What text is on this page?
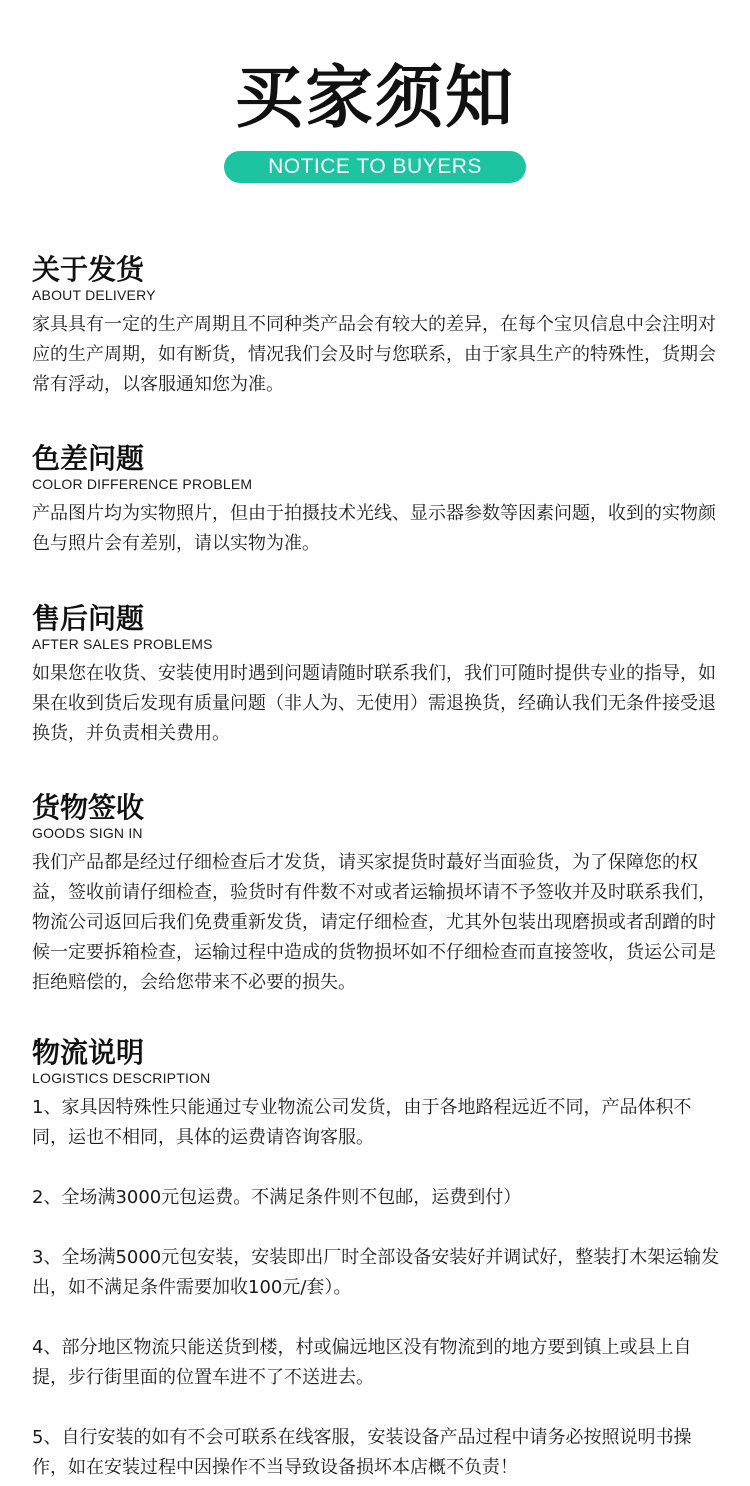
买家须知
NOTICE TO BUYERS
关于发货
ABOUT DELIVERY

家具具有一定的生产周期且不同种类产品会有较大的差异，在每个宝贝信息中会注明对应的生产周期，如有断货，情况我们会及时与您联系，由于家具生产的特殊性，货期会常有浮动，以客服通知您为准。

色差问题
COLOR DIFFERENCE PROBLEM

产品图片均为实物照片，但由于拍摄技术光线、显示器参数等因素问题，收到的实物颜色与照片会有差别，请以实物为准。

售后问题
AFTER SALES PROBLEMS

如果您在收货、安装使用时遇到问题请随时联系我们，我们可随时提供专业的指导，如果在收到货后发现有质量问题（非人为、无使用）需退换货，经确认我们无条件接受退换货，并负责相关费用。

货物签收
GOODS SIGN IN

我们产品都是经过仔细检查后才发货，请买家提货时蕞好当面验货，为了保障您的权益，签收前请仔细检查，验货时有件数不对或者运输损坏请不予签收并及时联系我们，物流公司返回后我们免费重新发货，请定仔细检查，尤其外包装出现磨损或者刮蹭的时候一定要拆箱检查，运输过程中造成的货物损坏如不仔细检查而直接签收，货运公司是拒绝赔偿的，会给您带来不必要的损失。

物流说明
LOGISTICS DESCRIPTION

1、家具因特殊性只能通过专业物流公司发货，由于各地路程远近不同，产品体积不同，运也不相同，具体的运费请咨询客服。

2、全场满3000元包运费。不满足条件则不包邮，运费到付）

3、全场满5000元包安装，安装即出厂时全部设备安装好并调试好，整装打木架运输发出，如不满足条件需要加收100元/套）。

4、部分地区物流只能送货到楼，村或偏远地区没有物流到的地方要到镇上或县上自提，步行街里面的位置车进不了不送进去。

5、自行安装的如有不会可联系在线客服，安装设备产品过程中请务必按照说明书操作，如在安装过程中因操作不当导致设备损坏本店概不负责！
